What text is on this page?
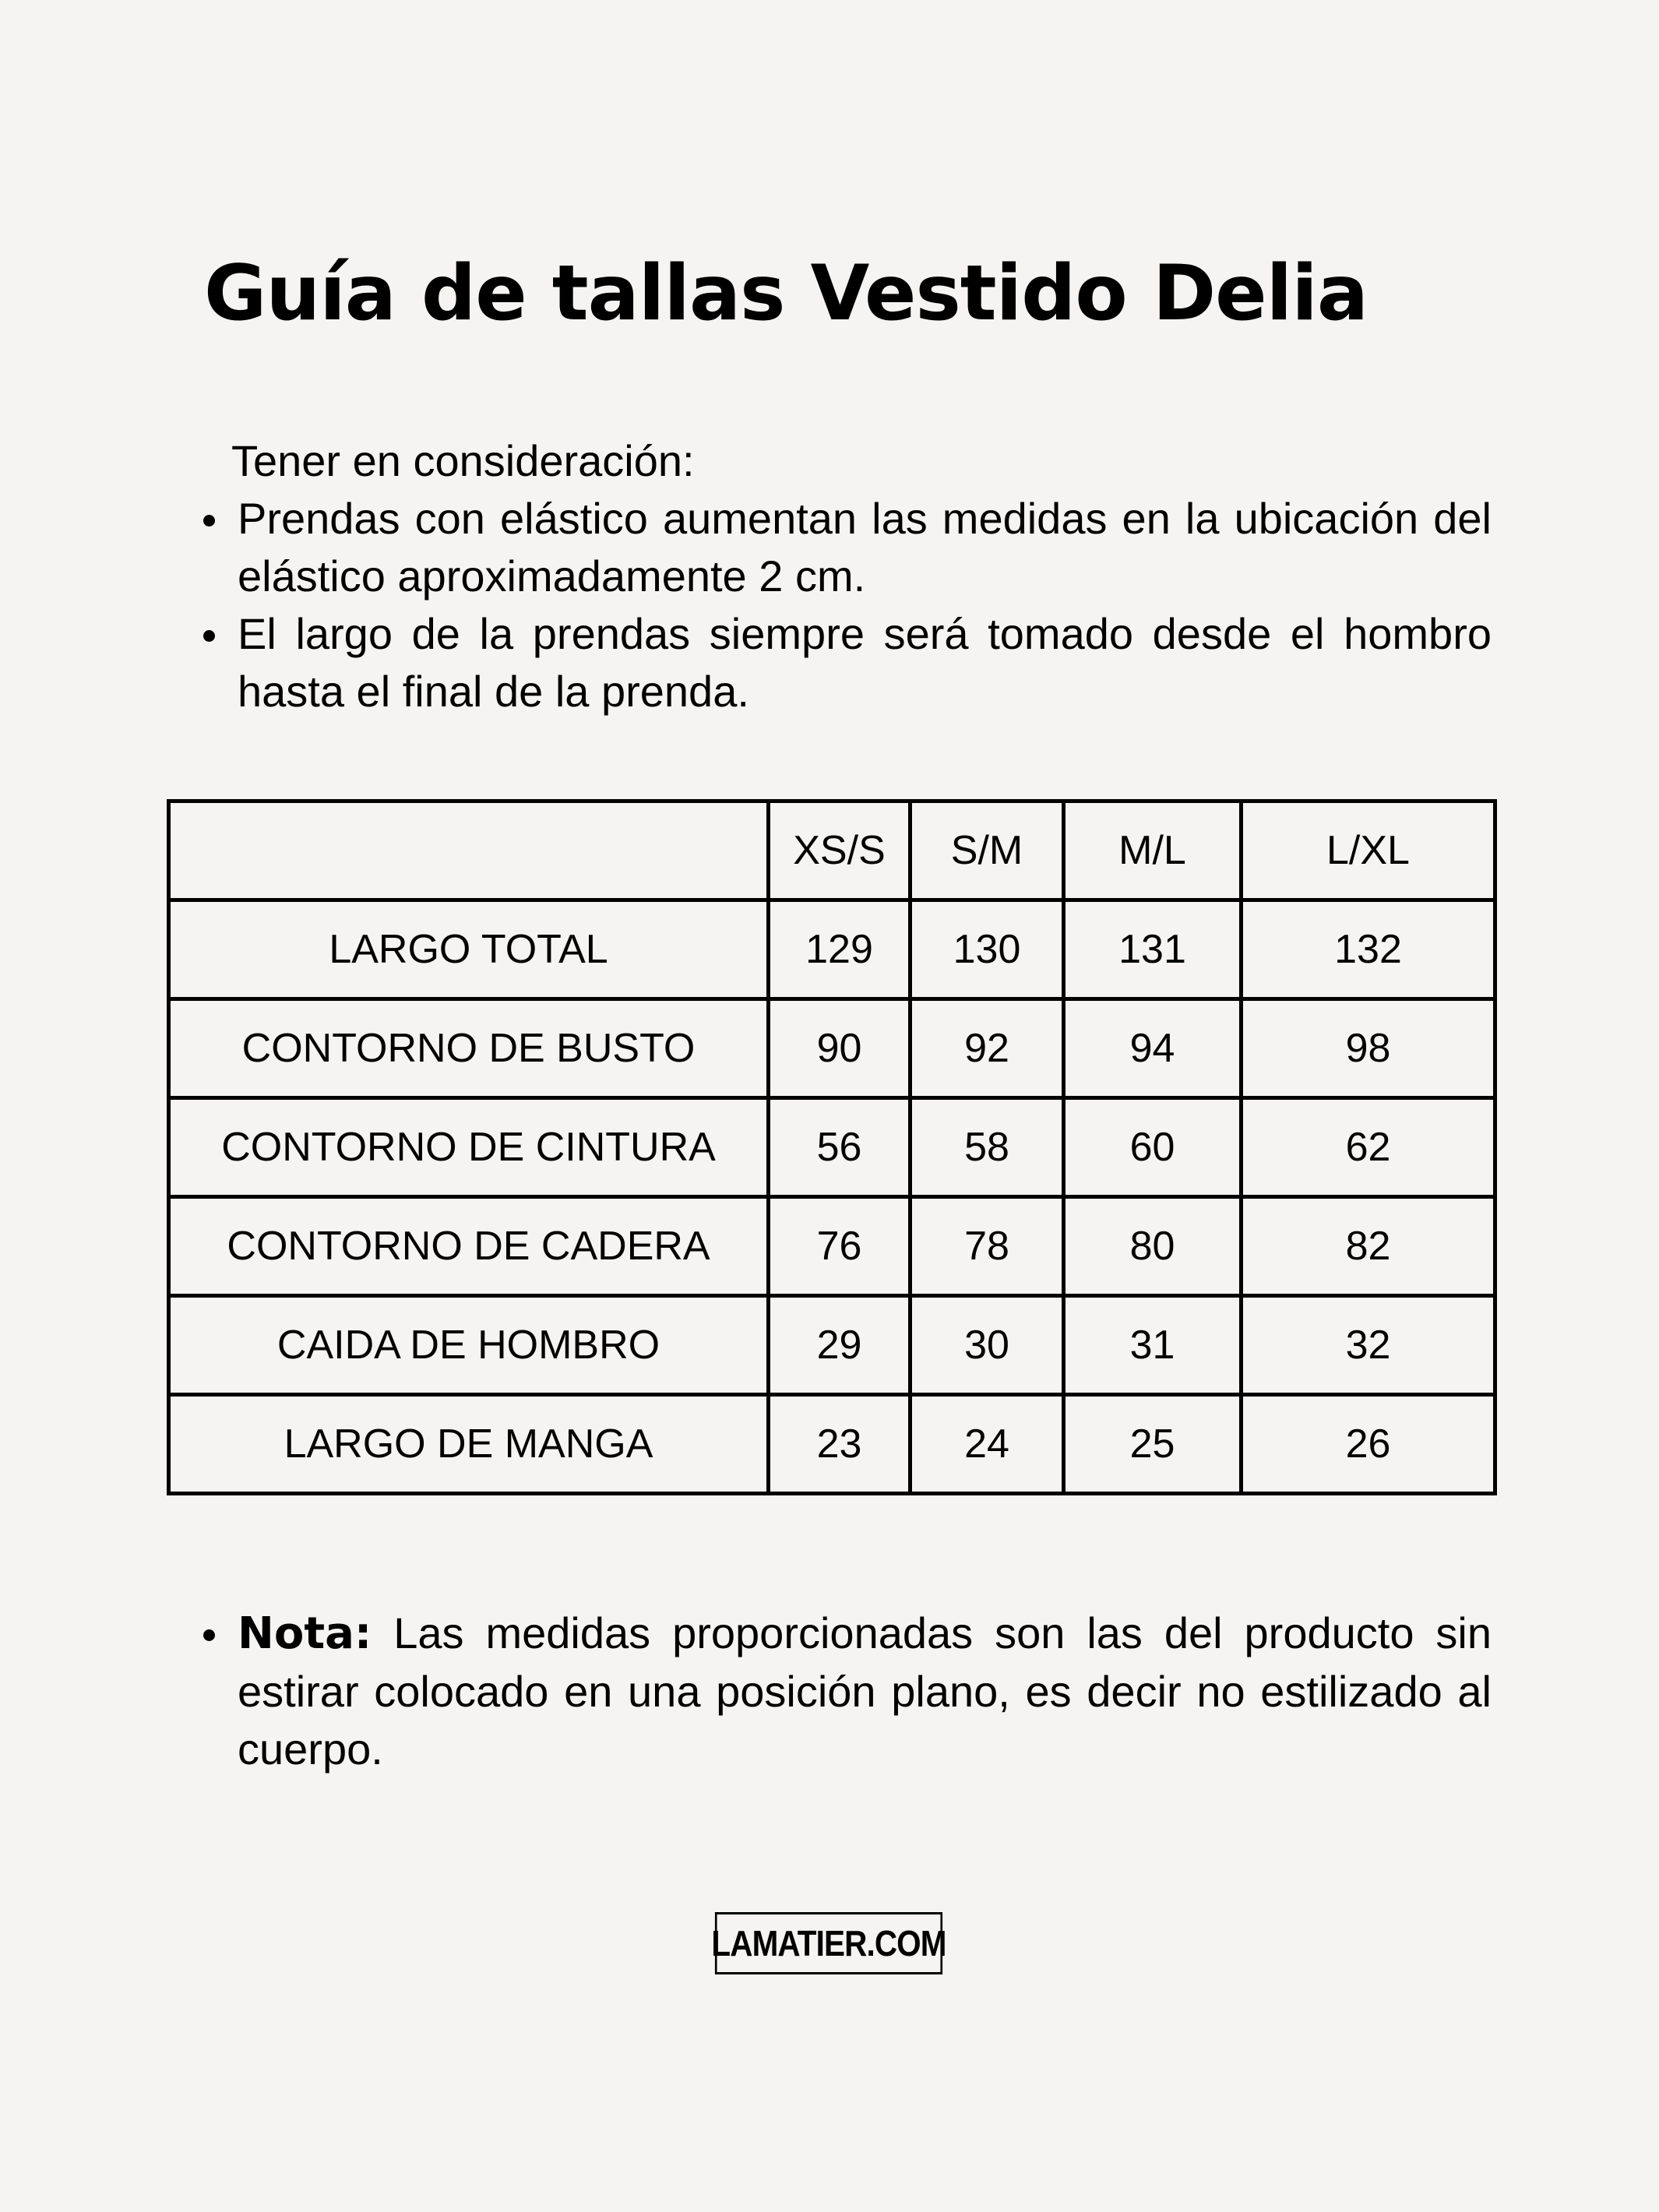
Guía de tallas Vestido Delia
Tener en consideración:
Prendas con elástico aumentan las medidas en la ubicación del elástico aproximadamente 2 cm.
El largo de la prendas siempre será tomado desde el hombro hasta el final de la prenda.
	XS/S	S/M	M/L	L/XL
LARGO TOTAL	129	130	131	132
CONTORNO DE BUSTO	90	92	94	98
CONTORNO DE CINTURA	56	58	60	62
CONTORNO DE CADERA	76	78	80	82
CAIDA DE HOMBRO	29	30	31	32
LARGO DE MANGA	23	24	25	26
Nota: Las medidas proporcionadas son las del producto sin estirar colocado en una posición plano, es decir no estilizado al cuerpo.
LAMATIER.COM
